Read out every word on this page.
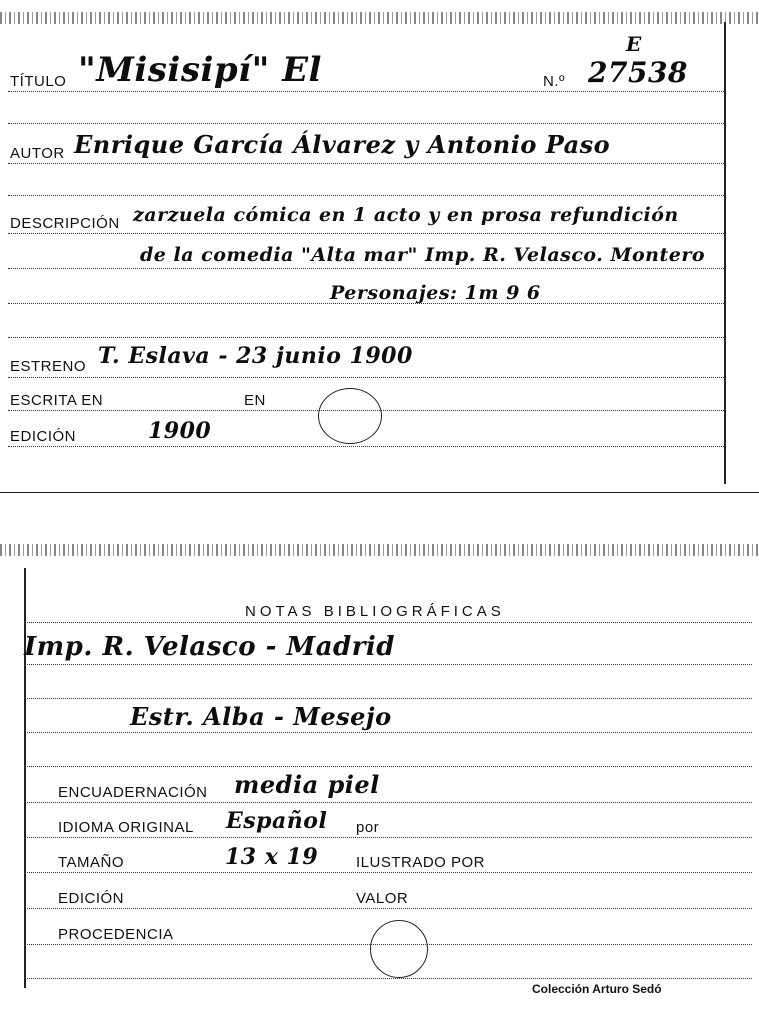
TÍTULO "Misisipí" El	N.º 27538
E
AUTOR Enrique García Álvarez y Antonio Paso
DESCRIPCIÓN zarzuela cómica en 1 acto y en prosa refundición
de la comedia "Alta mar" Imp. R. Velasco. Montero
Personajes: 1m 9 6
ESTRENO T. Eslava - 23 junio 1900
ESCRITA EN	EN
EDICIÓN	1900
NOTAS BIBLIOGRÁFICAS
Imp. R. Velasco - Madrid
Estr. Alba - Mesejo
ENCUADERNACIÓN media piel
IDIOMA ORIGINAL Español por
TAMAÑO	13 x 19	ILUSTRADO POR
EDICIÓN	VALOR
PROCEDENCIA
Colección Arturo Sedó
